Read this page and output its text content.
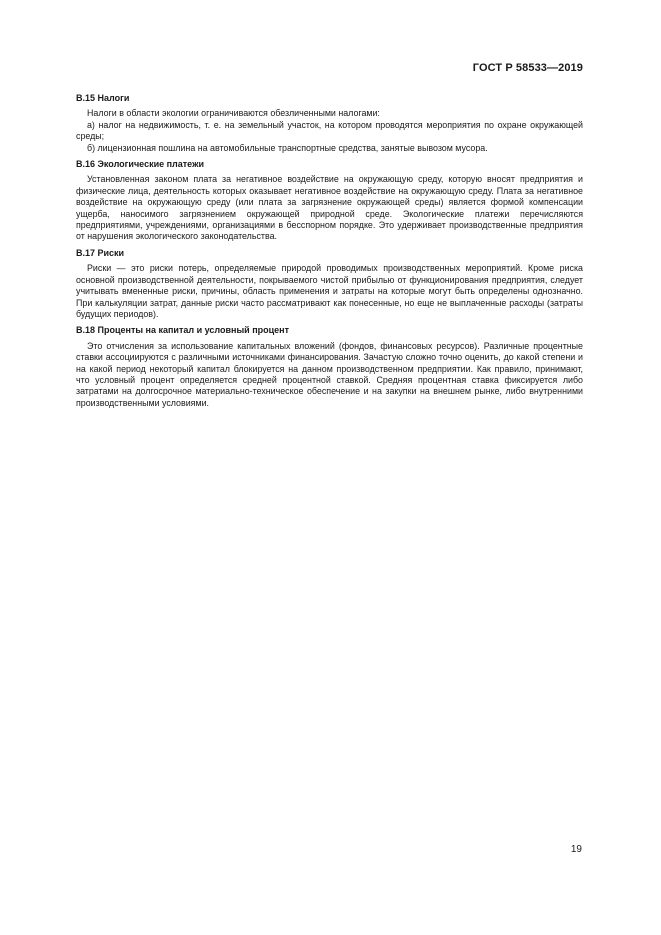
ГОСТ Р 58533—2019
В.15 Налоги

Налоги в области экологии ограничиваются обезличенными налогами:

а) налог на недвижимость, т. е. на земельный участок, на котором проводятся мероприятия по охране окружающей среды;

б) лицензионная пошлина на автомобильные транспортные средства, занятые вывозом мусора.

В.16 Экологические платежи

Установленная законом плата за негативное воздействие на окружающую среду, которую вносят предприятия и физические лица, деятельность которых оказывает негативное воздействие на окружающую среду. Плата за негативное воздействие на окружающую среду (или плата за загрязнение окружающей среды) является формой компенсации ущерба, наносимого загрязнением окружающей природной среде. Экологические платежи перечисляются предприятиями, учреждениями, организациями в бесспорном порядке. Это удерживает производственные предприятия от нарушения экологического законодательства.

В.17 Риски

Риски — это риски потерь, определяемые природой проводимых производственных мероприятий. Кроме риска основной производственной деятельности, покрываемого чистой прибылью от функционирования предприятия, следует учитывать вмененные риски, причины, область применения и затраты на которые могут быть определены однозначно. При калькуляции затрат, данные риски часто рассматривают как понесенные, но еще не выплаченные расходы (затраты будущих периодов).

В.18 Проценты на капитал и условный процент

Это отчисления за использование капитальных вложений (фондов, финансовых ресурсов). Различные процентные ставки ассоциируются с различными источниками финансирования. Зачастую сложно точно оценить, до какой степени и на какой период некоторый капитал блокируется на данном производственном предприятии. Как правило, принимают, что условный процент определяется средней процентной ставкой. Средняя процентная ставка фиксируется либо затратами на долгосрочное материально-техническое обеспечение и на закупки на внешнем рынке, либо внутренними производственными условиями.

19
